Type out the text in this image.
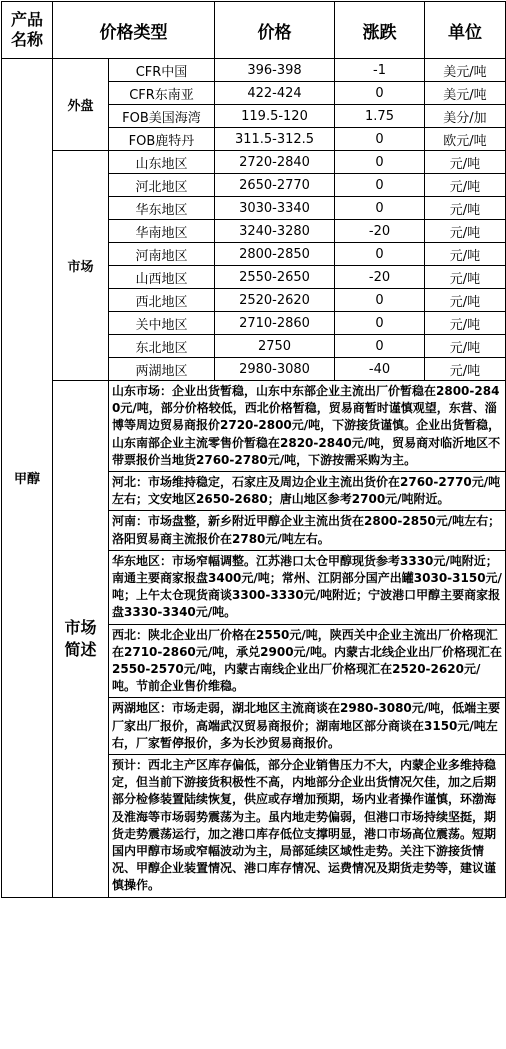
产品
名称	价格类型		价格	涨跌	单位
甲醇	外盘	CFR中国	396-398	-1	美元/吨
		CFR东南亚	422-424	0	美元/吨
		FOB美国海湾	119.5-120	1.75	美分/加
		FOB鹿特丹	311.5-312.5	0	欧元/吨
	市场	山东地区	2720-2840	0	元/吨
		河北地区	2650-2770	0	元/吨
		华东地区	3030-3340	0	元/吨
		华南地区	3240-3280	-20	元/吨
		河南地区	2800-2850	0	元/吨
		山西地区	2550-2650	-20	元/吨
		西北地区	2520-2620	0	元/吨
		关中地区	2710-2860	0	元/吨
		东北地区	2750	0	元/吨
		两湖地区	2980-3080	-40	元/吨
	市场简述	山东市场：企业出货暂稳，山东中东部企业主流出厂价暂稳在2800-2840元/吨，部分价格较低，西北价格暂稳，贸易商暂时谨慎观望，东营、淄博等周边贸易商报价2720-2800元/吨，下游接货谨慎。企业出货暂稳，山东南部企业主流零售价暂稳在2820-2840元/吨，贸易商对临沂地区不带票报价当地货2760-2780元/吨，下游按需采购为主。			
		河北：市场维持稳定，石家庄及周边企业主流出货价在2760-2770元/吨左右；文安地区2650-2680；唐山地区参考2700元/吨附近。			
		河南：市场盘整，新乡附近甲醇企业主流出货在2800-2850元/吨左右；洛阳贸易商主流报价在2780元/吨左右。			
		华东地区：市场窄幅调整。江苏港口太仓甲醇现货参考3330元/吨附近；南通主要商家报盘3400元/吨；常州、江阴部分国产出罐3030-3150元/吨；上午太仓现货商谈3300-3330元/吨附近；宁波港口甲醇主要商家报盘3330-3340元/吨。			
		西北：陕北企业出厂价格在2550元/吨，陕西关中企业主流出厂价格现汇在2710-2860元/吨，承兑2900元/吨。内蒙古北线企业出厂价格现汇在2550-2570元/吨，内蒙古南线企业出厂价格现汇在2520-2620元/吨。节前企业售价维稳。			
		两湖地区：市场走弱，湖北地区主流商谈在2980-3080元/吨，低端主要厂家出厂报价，高端武汉贸易商报价；湖南地区部分商谈在3150元/吨左右，厂家暂停报价，多为长沙贸易商报价。			
		预计：西北主产区库存偏低，部分企业销售压力不大，内蒙企业多维持稳定，但当前下游接货积极性不高，内地部分企业出货情况欠佳，加之后期部分检修装置陆续恢复，供应或存增加预期，场内业者操作谨慎，环渤海及淮海等市场弱势震荡为主。虽内地走势偏弱，但港口市场持续坚挺，期货走势震荡运行，加之港口库存低位支撑明显，港口市场高位震荡。短期国内甲醇市场或窄幅波动为主，局部延续区域性走势。关注下游接货情况、甲醇企业装置情况、港口库存情况、运费情况及期货走势等，建议谨慎操作。			
